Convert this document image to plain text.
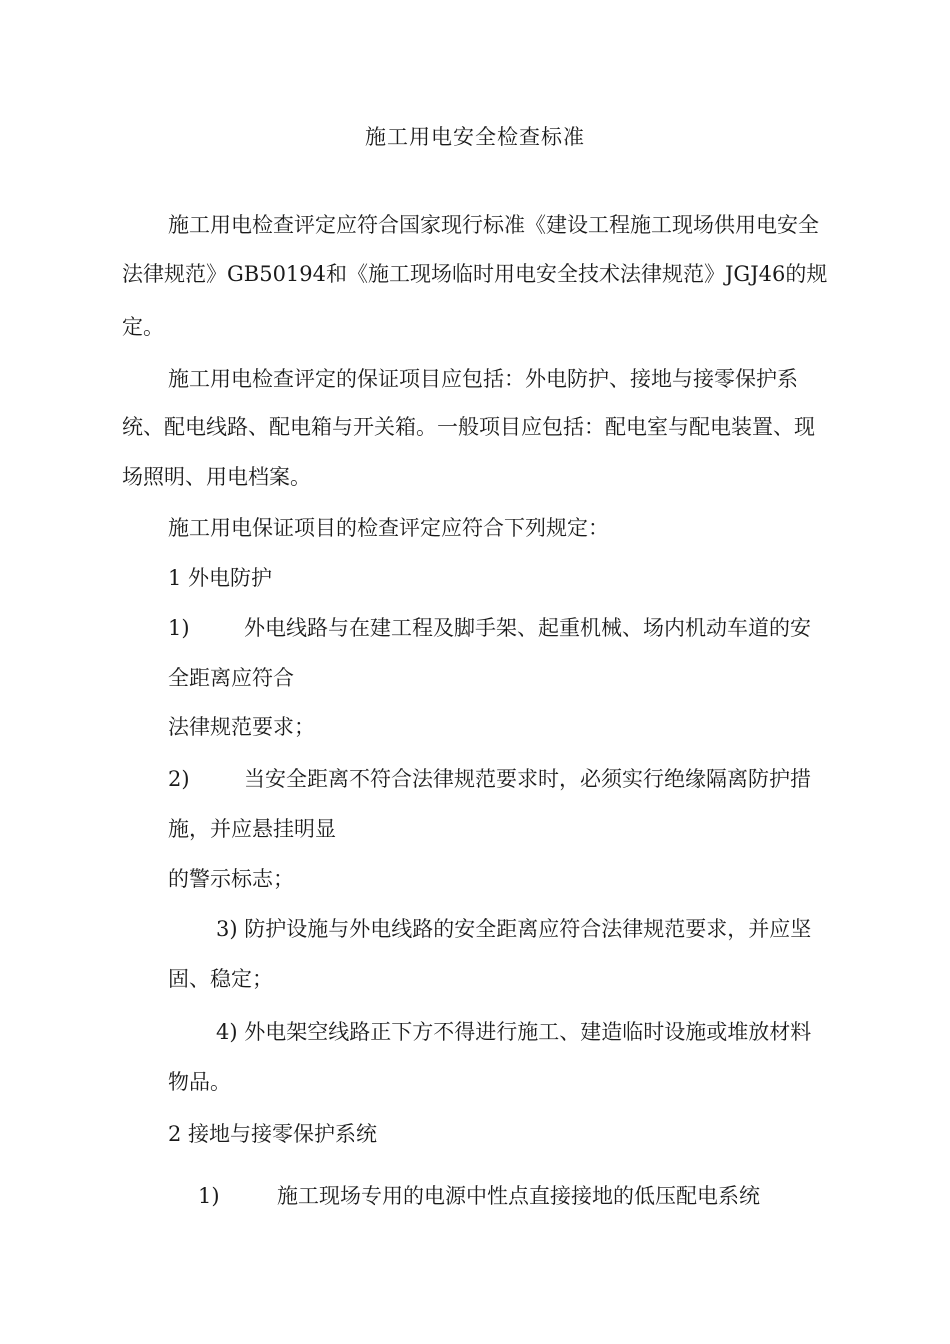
施工用电安全检查标准
施工用电检查评定应符合国家现行标准《建设工程施工现场供用电安全
法律规范》GB50194和《施工现场临时用电安全技术法律规范》JGJ46的规
定。
施工用电检查评定的保证项目应包括：外电防护、接地与接零保护系
统、配电线路、配电箱与开关箱。一般项目应包括：配电室与配电装置、现
场照明、用电档案。
施工用电保证项目的检查评定应符合下列规定：
1 外电防护
1)	外电线路与在建工程及脚手架、起重机械、场内机动车道的安
全距离应符合
法律规范要求；
2)	当安全距离不符合法律规范要求时，必须实行绝缘隔离防护措
施，并应悬挂明显
的警示标志；
3) 防护设施与外电线路的安全距离应符合法律规范要求，并应坚
固、稳定；
4) 外电架空线路正下方不得进行施工、建造临时设施或堆放材料
物品。
2 接地与接零保护系统
1)	施工现场专用的电源中性点直接接地的低压配电系统
